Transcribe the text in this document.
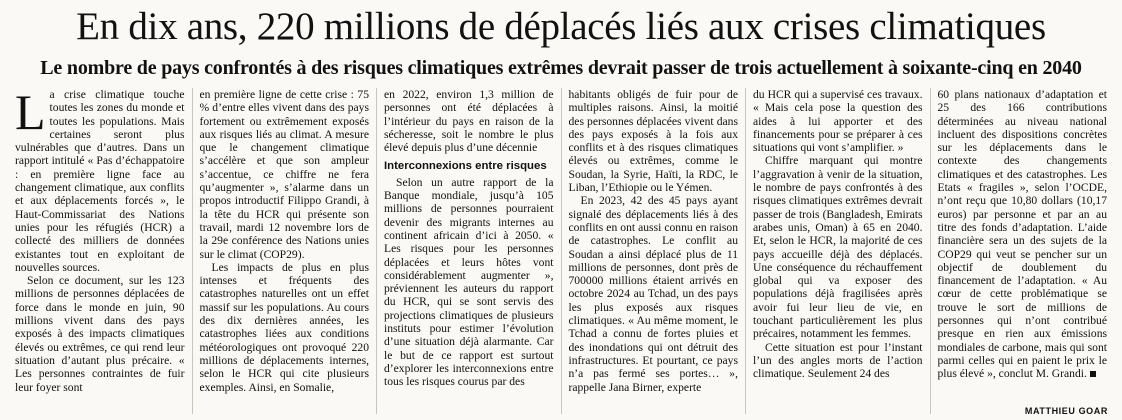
En dix ans, 220 millions de déplacés liés aux crises climatiques
Le nombre de pays confrontés à des risques climatiques extrêmes devrait passer de trois actuellement à soixante-cinq en 2040

La crise climatique touche toutes les zones du monde et toutes les populations. Mais certaines seront plus vulnérables que d’autres. Dans un rapport intitulé « Pas d’échappatoire : en première ligne face au changement climatique, aux conflits et aux déplacements forcés », le Haut-Commissariat des Nations unies pour les réfugiés (HCR) a collecté des milliers de données existantes tout en exploitant de nouvelles sources.

Selon ce document, sur les 123 millions de personnes déplacées de force dans le monde en juin, 90 millions vivent dans des pays exposés à des impacts climatiques élevés ou extrêmes, ce qui rend leur situation d’autant plus précaire. « Les personnes contraintes de fuir leur foyer sont

en première ligne de cette crise : 75 % d’entre elles vivent dans des pays fortement ou extrêmement exposés aux risques liés au climat. A mesure que le changement climatique s’accélère et que son ampleur s’accentue, ce chiffre ne fera qu’augmenter », s’alarme dans un propos introductif Filippo Grandi, à la tête du HCR qui présente son travail, mardi 12 novembre lors de la 29e conférence des Nations unies sur le climat (COP29).

Les impacts de plus en plus intenses et fréquents des catastrophes naturelles ont un effet massif sur les populations. Au cours des dix dernières années, les catastrophes liées aux conditions météorologiques ont provoqué 220 millions de déplacements internes, selon le HCR qui cite plusieurs exemples. Ainsi, en Somalie,

en 2022, environ 1,3 million de personnes ont été déplacées à l’intérieur du pays en raison de la sécheresse, soit le nombre le plus élevé depuis plus d’une décennie

Interconnexions entre risques

Selon un autre rapport de la Banque mondiale, jusqu’à 105 millions de personnes pourraient devenir des migrants internes au continent africain d’ici à 2050. « Les risques pour les personnes déplacées et leurs hôtes vont considérablement augmenter », préviennent les auteurs du rapport du HCR, qui se sont servis des projections climatiques de plusieurs instituts pour estimer l’évolution d’une situation déjà alarmante. Car le but de ce rapport est surtout d’explorer les interconnexions entre tous les risques courus par des

habitants obligés de fuir pour de multiples raisons. Ainsi, la moitié des personnes déplacées vivent dans des pays exposés à la fois aux conflits et à des risques climatiques élevés ou extrêmes, comme le Soudan, la Syrie, Haïti, la RDC, le Liban, l’Ethiopie ou le Yémen.

En 2023, 42 des 45 pays ayant signalé des déplacements liés à des conflits en ont aussi connu en raison de catastrophes. Le conflit au Soudan a ainsi déplacé plus de 11 millions de personnes, dont près de 700000 millions étaient arrivés en octobre 2024 au Tchad, un des pays les plus exposés aux risques climatiques. « Au même moment, le Tchad a connu de fortes pluies et des inondations qui ont détruit des infrastructures. Et pourtant, ce pays n’a pas fermé ses portes… », rappelle Jana Birner, experte

du HCR qui a supervisé ces travaux. « Mais cela pose la question des aides à lui apporter et des financements pour se préparer à ces situations qui vont s’amplifier. »

Chiffre marquant qui montre l’aggravation à venir de la situation, le nombre de pays confrontés à des risques climatiques extrêmes devrait passer de trois (Bangladesh, Emirats arabes unis, Oman) à 65 en 2040. Et, selon le HCR, la majorité de ces pays accueille déjà des déplacés. Une conséquence du réchauffement global qui va exposer des populations déjà fragilisées après avoir fui leur lieu de vie, en touchant particulièrement les plus précaires, notamment les femmes.

Cette situation est pour l’instant l’un des angles morts de l’action climatique. Seulement 24 des

60 plans nationaux d’adaptation et 25 des 166 contributions déterminées au niveau national incluent des dispositions concrètes sur les déplacements dans le contexte des changements climatiques et des catastrophes. Les Etats « fragiles », selon l’OCDE, n’ont reçu que 10,80 dollars (10,17 euros) par personne et par an au titre des fonds d’adaptation. L’aide financière sera un des sujets de la COP29 qui veut se pencher sur un objectif de doublement du financement de l’adaptation. « Au cœur de cette problématique se trouve le sort de millions de personnes qui n’ont contribué presque en rien aux émissions mondiales de carbone, mais qui sont parmi celles qui en paient le prix le plus élevé », conclut M. Grandi.

MATTHIEU GOAR
